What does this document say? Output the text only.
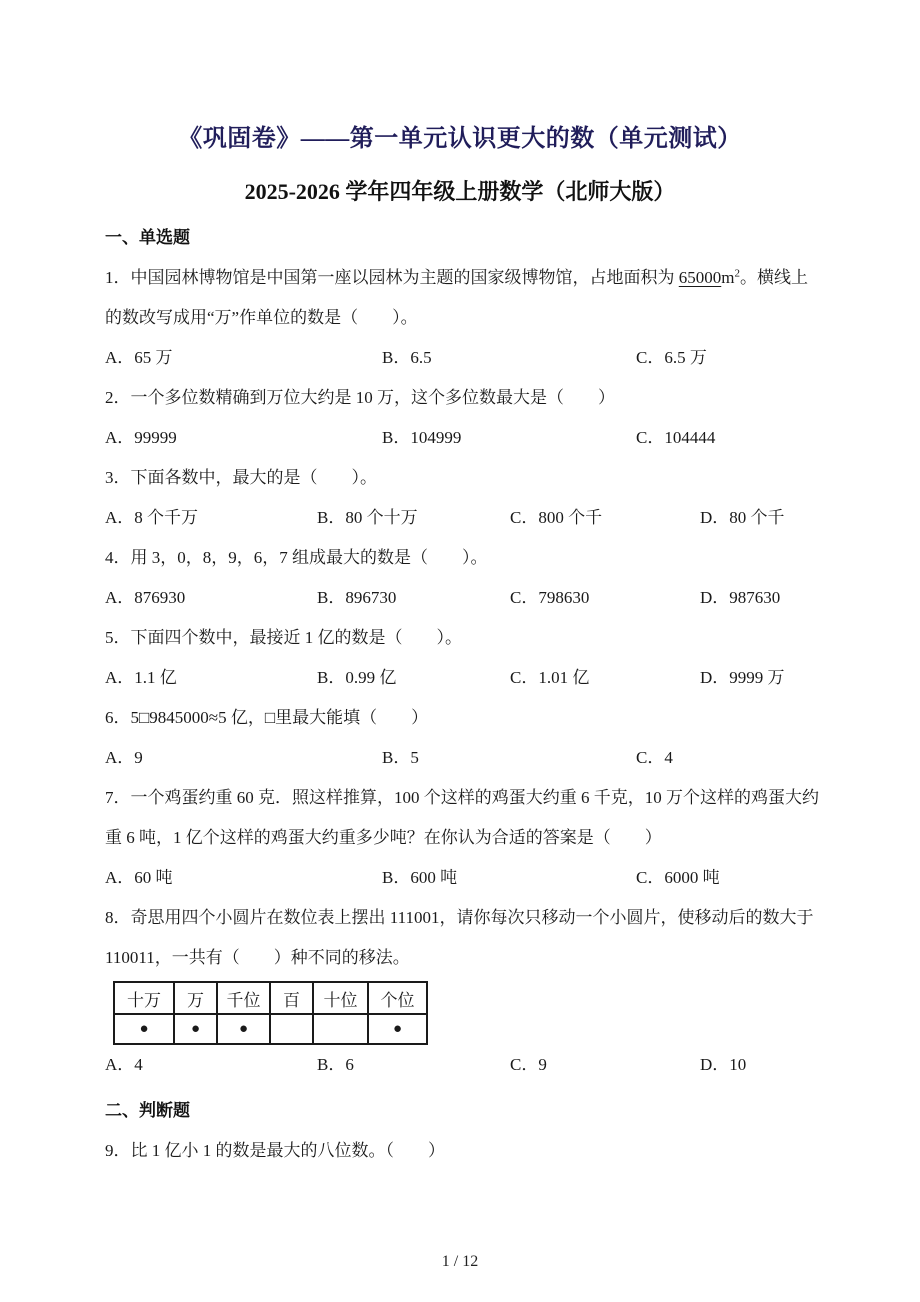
《巩固卷》——第一单元认识更大的数（单元测试）
2025-2026 学年四年级上册数学（北师大版）
一、单选题
1．中国园林博物馆是中国第一座以园林为主题的国家级博物馆，占地面积为 $65000m^2$。横线上
的数改写成用“万”作单位的数是（　　）。
A．65 万	B．6.5	C．6.5 万
2．一个多位数精确到万位大约是 10 万，这个多位数最大是（　　）
A．99999	B．104999	C．104444
3．下面各数中，最大的是（　　）。
A．8 个千万	B．80 个十万	C．800 个千	D．80 个千
4．用 3，0，8，9，6，7 组成最大的数是（　　）。
A．876930	B．896730	C．798630	D．987630
5．下面四个数中，最接近 1 亿的数是（　　）。
A．1.1 亿	B．0.99 亿	C．1.01 亿	D．9999 万
6．5□9845000≈5 亿，□里最大能填（　　）
A．9	B．5	C．4
7．一个鸡蛋约重 60 克．照这样推算，100 个这样的鸡蛋大约重 6 千克，10 万个这样的鸡蛋大约
重 6 吨，1 亿个这样的鸡蛋大约重多少吨？在你认为合适的答案是（　　）
A．60 吨	B．600 吨	C．6000 吨
8．奇思用四个小圆片在数位表上摆出 111001，请你每次只移动一个小圆片，使移动后的数大于
110011，一共有（　　）种不同的移法。
十万	万	千位	百	十位	个位
●	●	●			●
A．4	B．6	C．9	D．10
二、判断题
9．比 1 亿小 1 的数是最大的八位数。（　　）
1 / 12
